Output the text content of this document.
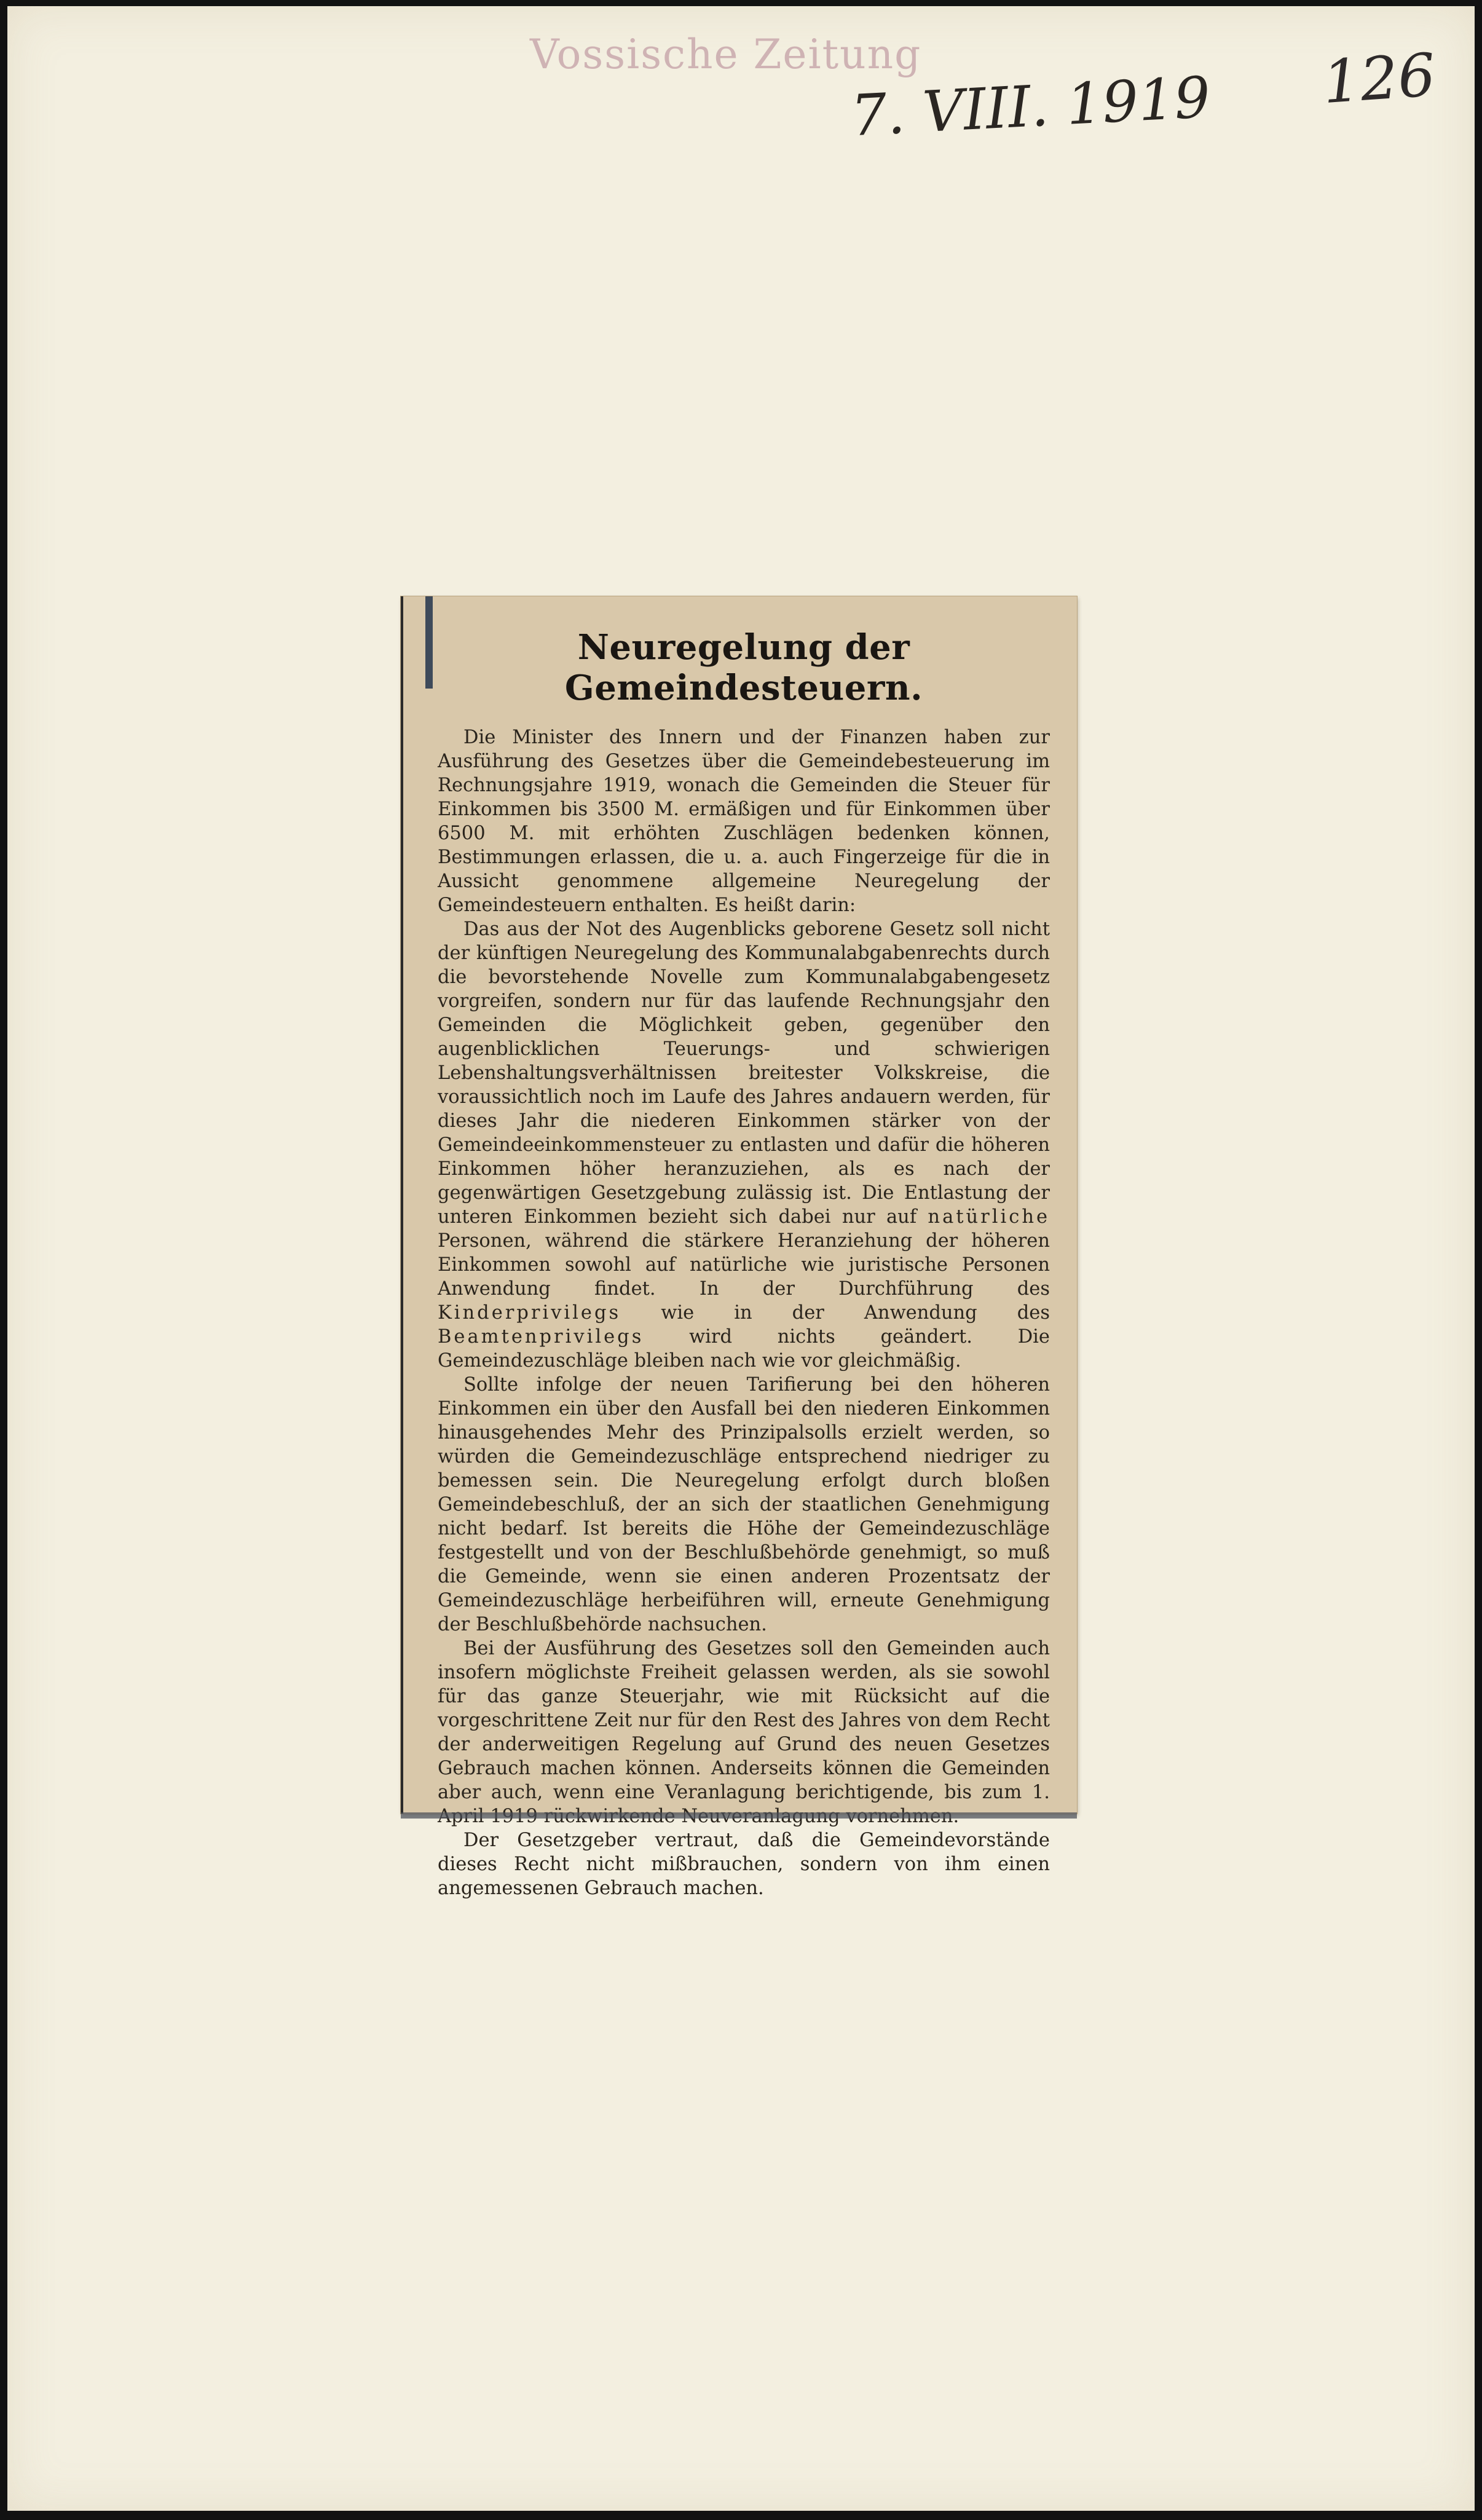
Vossische Zeitung
7. VIII. 1919 126
Neuregelung der Gemeindesteuern.

Die Minister des Innern und der Finanzen haben zur Ausführung des Gesetzes über die Gemeindebesteuerung im Rechnungsjahre 1919, wonach die Gemeinden die Steuer für Einkommen bis 3500 M. ermäßigen und für Einkommen über 6500 M. mit erhöhten Zuschlägen bedenken können, Bestimmungen erlassen, die u. a. auch Fingerzeige für die in Aussicht genommene allgemeine Neuregelung der Gemeindesteuern enthalten. Es heißt darin:

Das aus der Not des Augenblicks geborene Gesetz soll nicht der künftigen Neuregelung des Kommunalabgabenrechts durch die bevorstehende Novelle zum Kommunalabgabengesetz vorgreifen, sondern nur für das laufende Rechnungsjahr den Gemeinden die Möglichkeit geben, gegenüber den augenblicklichen Teuerungs- und schwierigen Lebenshaltungsverhältnissen breitester Volkskreise, die voraussichtlich noch im Laufe des Jahres andauern werden, für dieses Jahr die niederen Einkommen stärker von der Gemeindeeinkommensteuer zu entlasten und dafür die höheren Einkommen höher heranzuziehen, als es nach der gegenwärtigen Gesetzgebung zulässig ist. Die Entlastung der unteren Einkommen bezieht sich dabei nur auf natürliche Personen, während die stärkere Heranziehung der höheren Einkommen sowohl auf natürliche wie juristische Personen Anwendung findet. In der Durchführung des Kinderprivilegs wie in der Anwendung des Beamtenprivilegs wird nichts geändert. Die Gemeindezuschläge bleiben nach wie vor gleichmäßig.

Sollte infolge der neuen Tarifierung bei den höheren Einkommen ein über den Ausfall bei den niederen Einkommen hinausgehendes Mehr des Prinzipalsolls erzielt werden, so würden die Gemeindezuschläge entsprechend niedriger zu bemessen sein. Die Neuregelung erfolgt durch bloßen Gemeindebeschluß, der an sich der staatlichen Genehmigung nicht bedarf. Ist bereits die Höhe der Gemeindezuschläge festgestellt und von der Beschlußbehörde genehmigt, so muß die Gemeinde, wenn sie einen anderen Prozentsatz der Gemeindezuschläge herbeiführen will, erneute Genehmigung der Beschlußbehörde nachsuchen.

Bei der Ausführung des Gesetzes soll den Gemeinden auch insofern möglichste Freiheit gelassen werden, als sie sowohl für das ganze Steuerjahr, wie mit Rücksicht auf die vorgeschrittene Zeit nur für den Rest des Jahres von dem Recht der anderweitigen Regelung auf Grund des neuen Gesetzes Gebrauch machen können. Anderseits können die Gemeinden aber auch, wenn eine Veranlagung berichtigende, bis zum 1.

Der Gesetzgeber vertraut, daß die Gemeindevorstände dieses Recht nicht mißbrauchen, sondern von ihm einen angemessenen Gebrauch machen.
